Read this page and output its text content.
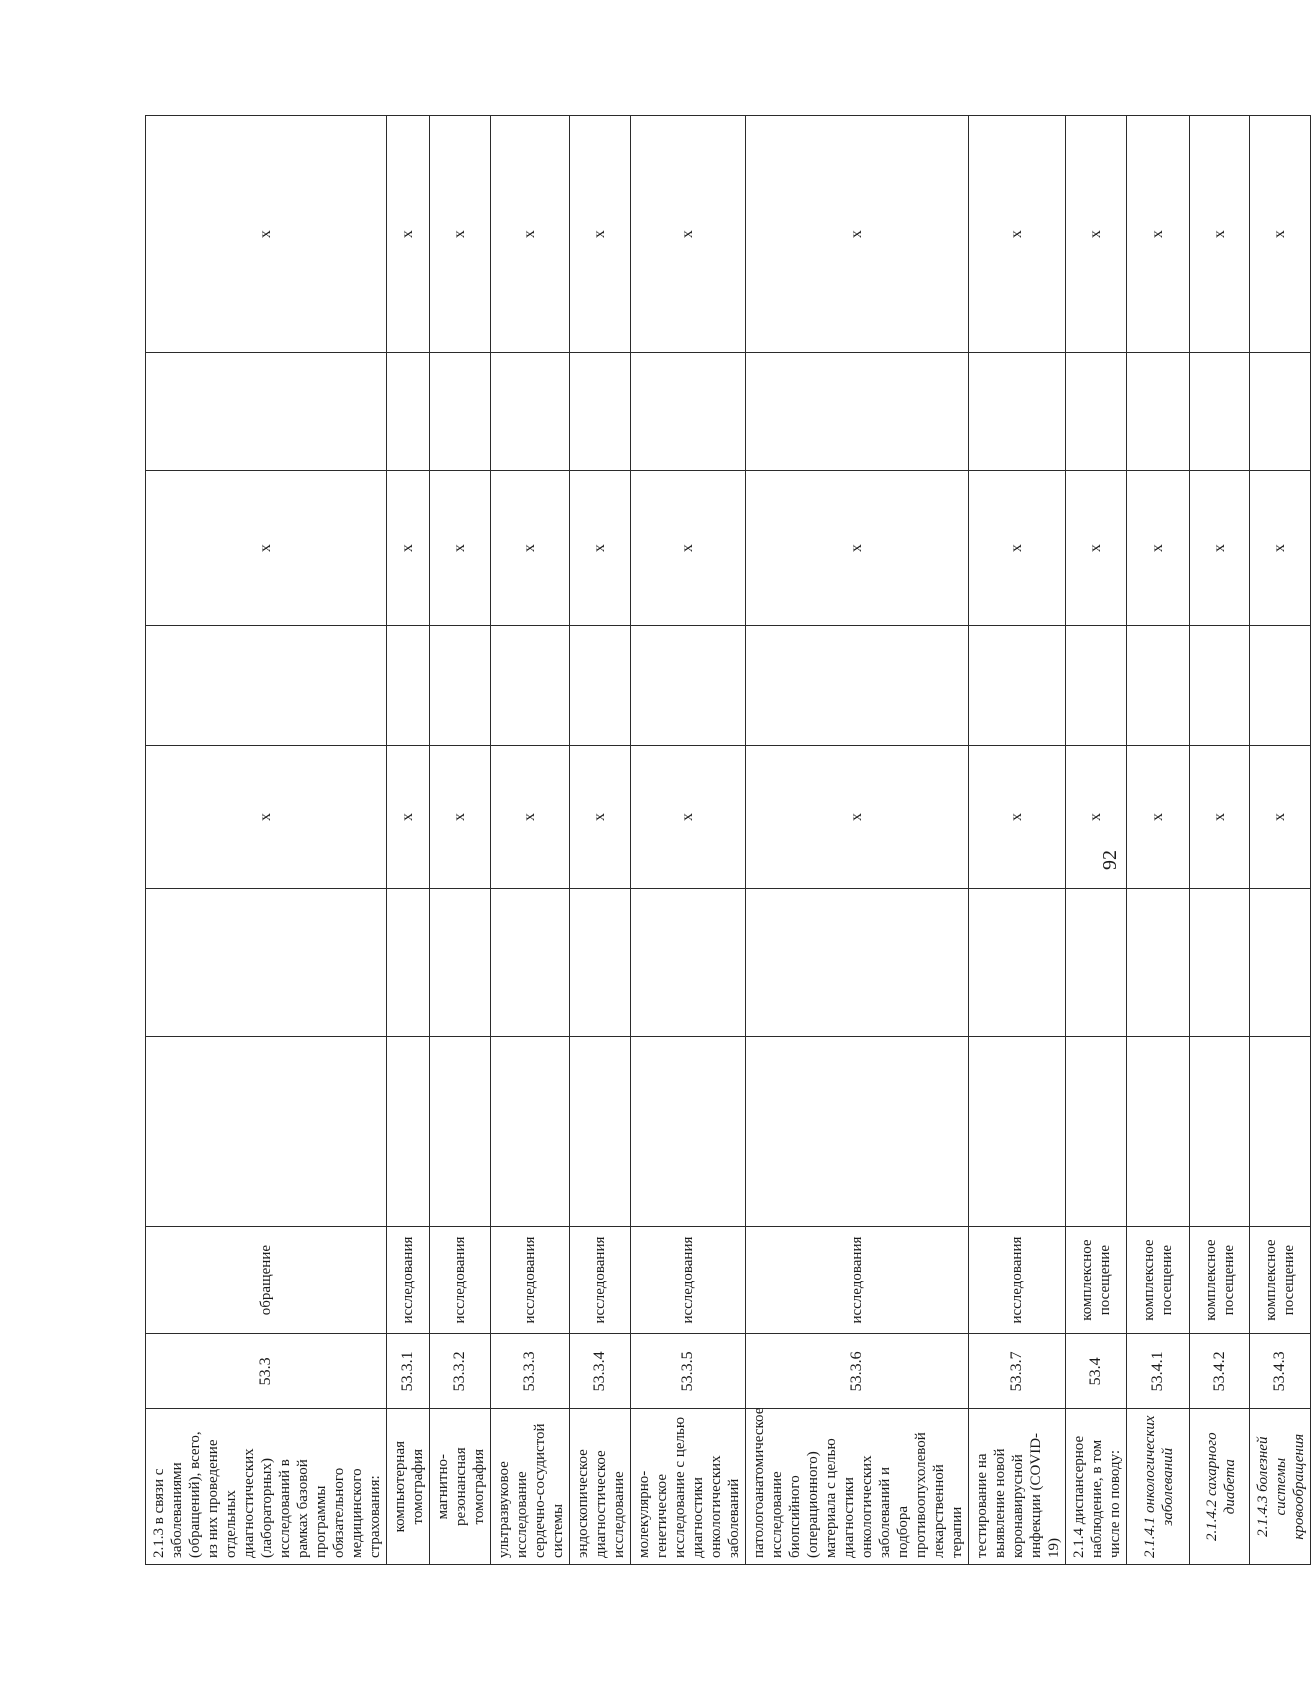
2.1.3 в связи с заболеваниями (обращений), всего, из них проведение отдельных диагностических (лабораторных) исследований в рамках базовой программы обязательного медицинского страхования:	53.3	обращение			х		х		х
компьютерная томография	53.3.1	исследования			х		х		х
магнитно-резонансная томография	53.3.2	исследования			х		х		х
ультразвуковое исследование сердечно-сосудистой системы	53.3.3	исследования			х		х		х
эндоскопическое диагностическое исследование	53.3.4	исследования			х		х		х
молекулярно-генетическое исследование с целью диагностики онкологических заболеваний	53.3.5	исследования			х		х		х
патологоанатомическое исследование биопсийного (операционного) материала с целью диагностики онкологических заболеваний и подбора противоопухолевой лекарственной терапии	53.3.6	исследования			х		х		х
тестирование на выявление новой коронавирусной инфекции (COVID-19)	53.3.7	исследования			х		х		х
2.1.4 диспансерное наблюдение, в том числе по поводу:	53.4	комплексное посещение			х		х		х
2.1.4.1 онкологических заболеваний	53.4.1	комплексное посещение			х		х		х
2.1.4.2 сахарного диабета	53.4.2	комплексное посещение			х		х		х
2.1.4.3 болезней системы кровообращения	53.4.3	комплексное посещение			х		х		х
92
